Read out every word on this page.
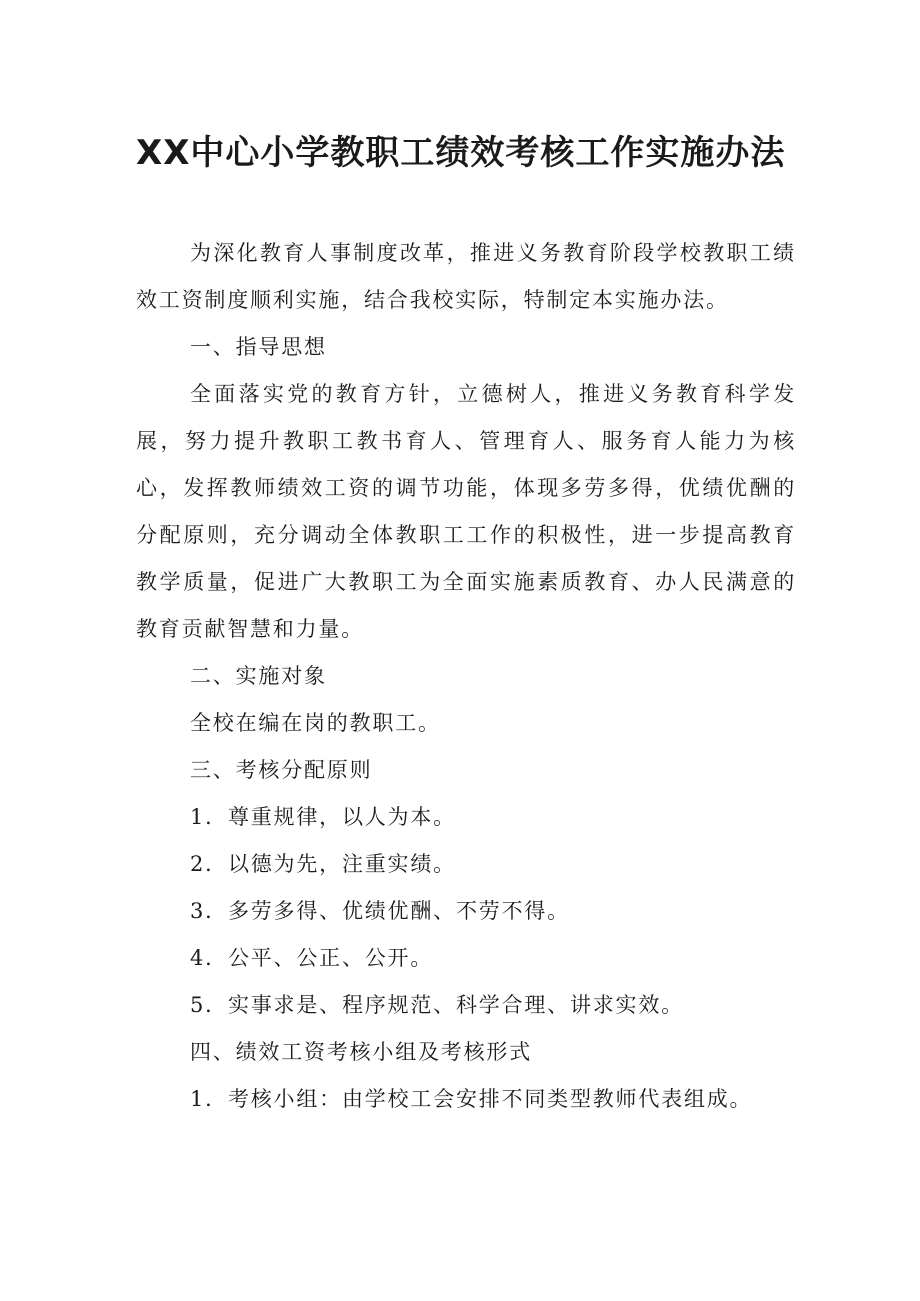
XX中心小学教职工绩效考核工作实施办法

为深化教育人事制度改革，推进义务教育阶段学校教职工绩效工资制度顺利实施，结合我校实际，特制定本实施办法。

一、指导思想

全面落实党的教育方针，立德树人，推进义务教育科学发展，努力提升教职工教书育人、管理育人、服务育人能力为核心，发挥教师绩效工资的调节功能，体现多劳多得，优绩优酬的分配原则，充分调动全体教职工工作的积极性，进一步提高教育教学质量，促进广大教职工为全面实施素质教育、办人民满意的教育贡献智慧和力量。

二、实施对象

全校在编在岗的教职工。

三、考核分配原则

1．尊重规律，以人为本。

2．以德为先，注重实绩。

3．多劳多得、优绩优酬、不劳不得。

4．公平、公正、公开。

5．实事求是、程序规范、科学合理、讲求实效。

四、绩效工资考核小组及考核形式

1．考核小组：由学校工会安排不同类型教师代表组成。
